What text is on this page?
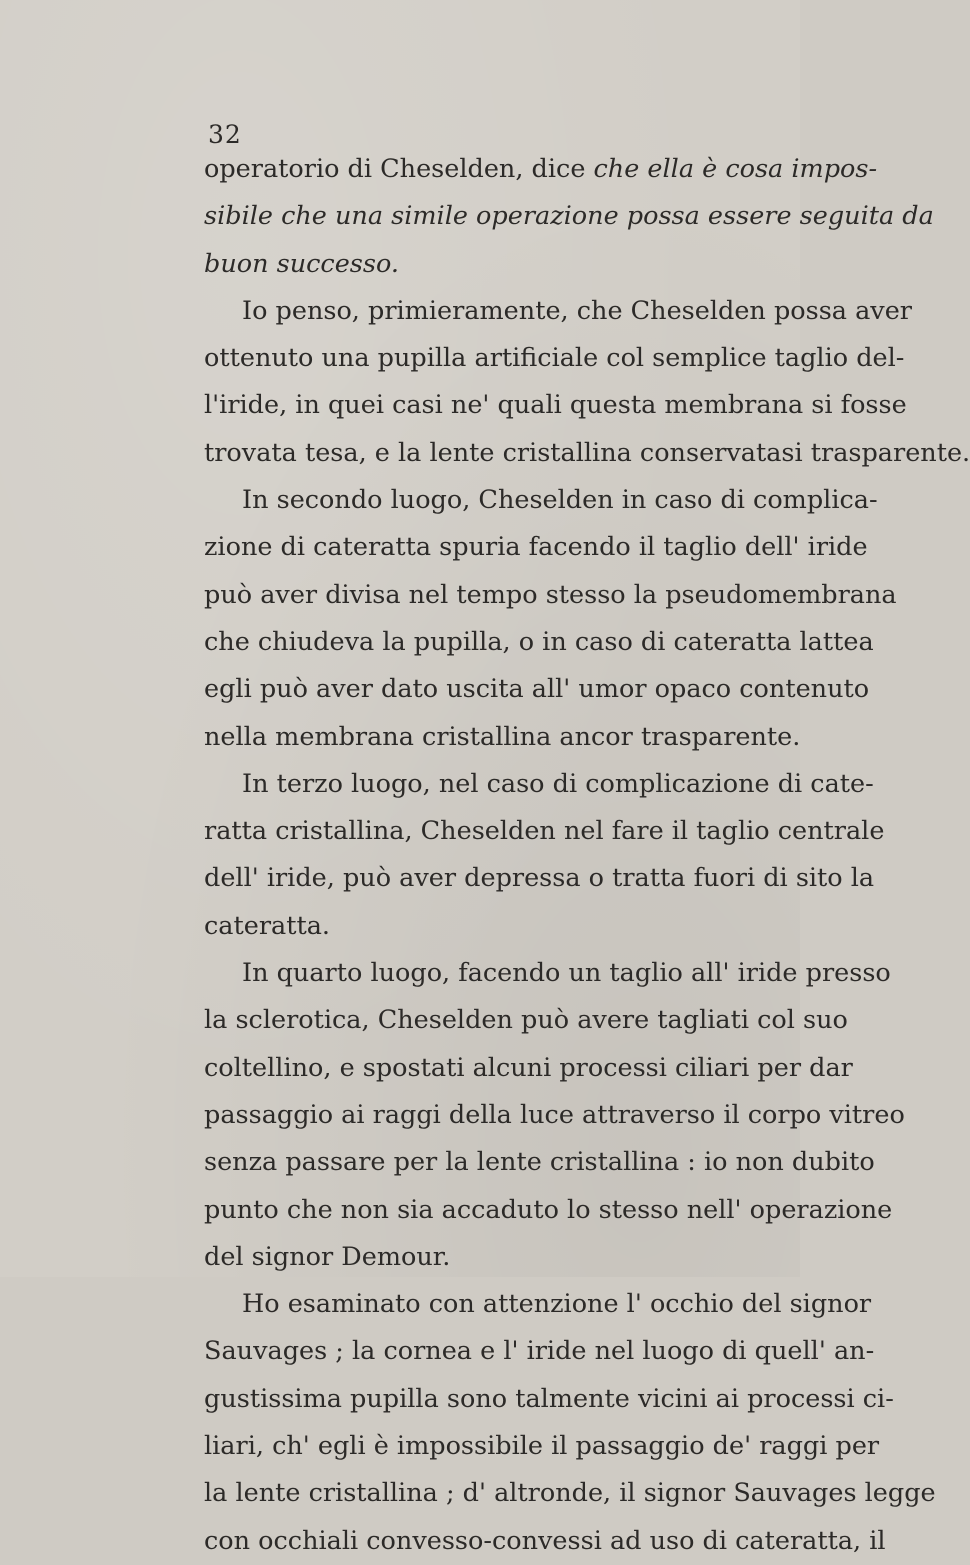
32
operatorio di Cheselden, dice che ella è cosa impos-
sibile che una simile operazione possa essere seguita da
buon successo.
Io penso, primieramente, che Cheselden possa aver
ottenuto una pupilla artificiale col semplice taglio del-
l'iride, in quei casi ne' quali questa membrana si fosse
trovata tesa, e la lente cristallina conservatasi trasparente.
In secondo luogo, Cheselden in caso di complica-
zione di cateratta spuria facendo il taglio dell' iride
può aver divisa nel tempo stesso la pseudomembrana
che chiudeva la pupilla, o in caso di cateratta lattea
egli può aver dato uscita all' umor opaco contenuto
nella membrana cristallina ancor trasparente.
In terzo luogo, nel caso di complicazione di cate-
ratta cristallina, Cheselden nel fare il taglio centrale
dell' iride, può aver depressa o tratta fuori di sito la
cateratta.
In quarto luogo, facendo un taglio all' iride presso
la sclerotica, Cheselden può avere tagliati col suo
coltellino, e spostati alcuni processi ciliari per dar
passaggio ai raggi della luce attraverso il corpo vitreo
senza passare per la lente cristallina : io non dubito
punto che non sia accaduto lo stesso nell' operazione
del signor Demour.
Ho esaminato con attenzione l' occhio del signor
Sauvages ; la cornea e l' iride nel luogo di quell' an-
gustissima pupilla sono talmente vicini ai processi ci-
liari, ch' egli è impossibile il passaggio de' raggi per
la lente cristallina ; d' altronde, il signor Sauvages legge
con occhiali convesso-convessi ad uso di cateratta, il
